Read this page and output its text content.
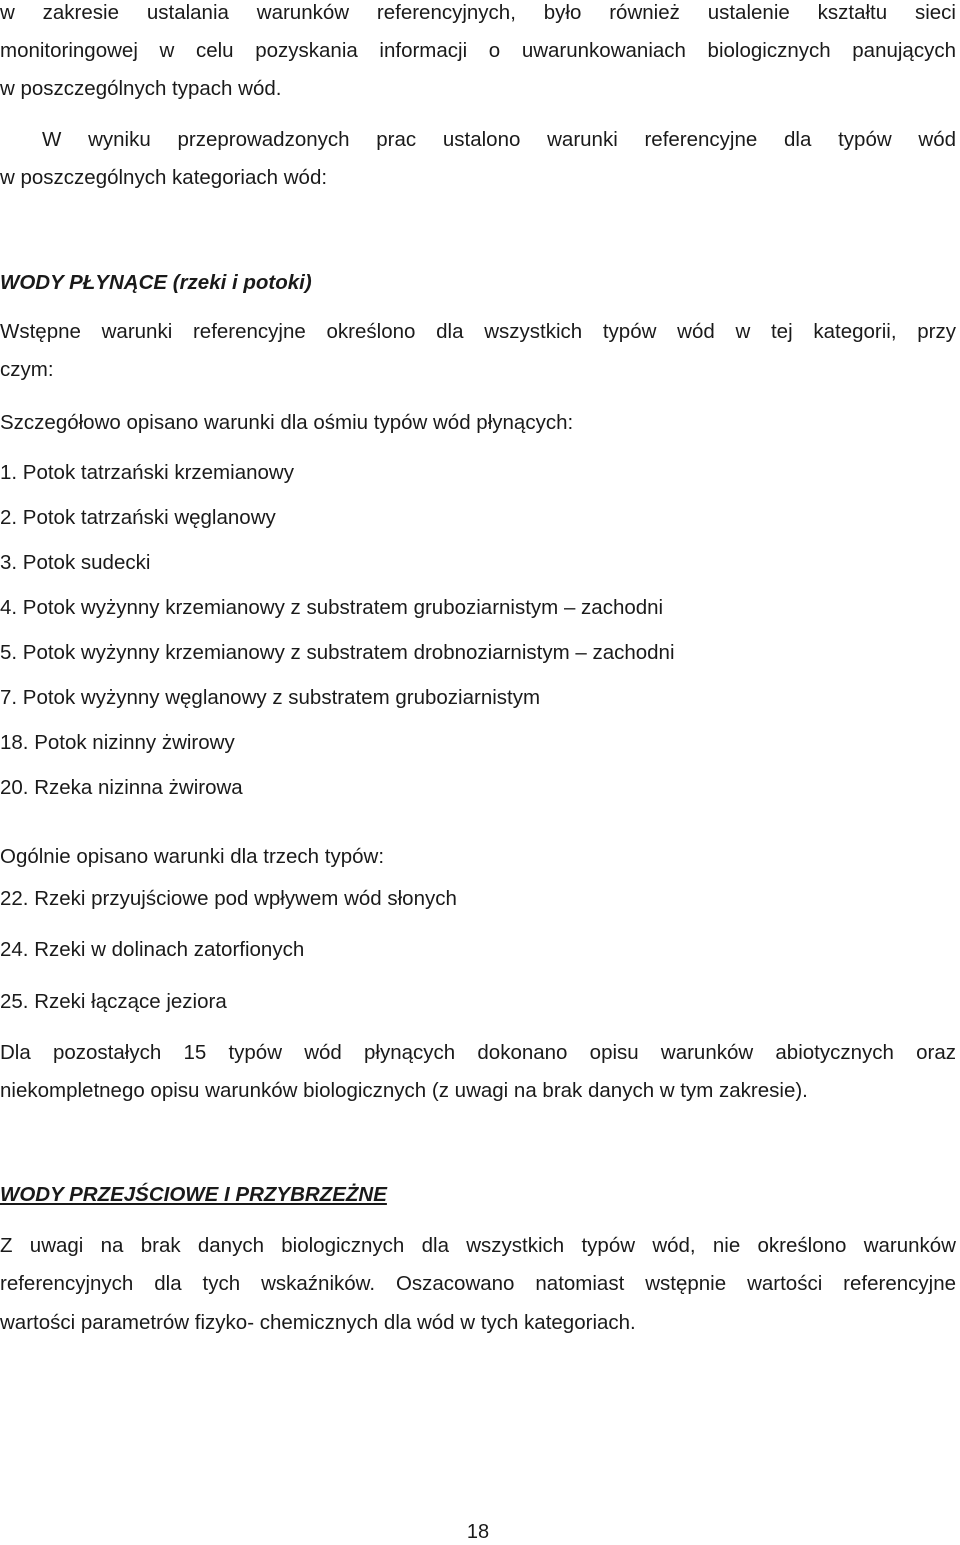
w zakresie ustalania warunków referencyjnych, było również ustalenie kształtu sieci
monitoringowej w celu pozyskania informacji o uwarunkowaniach biologicznych panujących
w poszczególnych typach wód.
W wyniku przeprowadzonych prac ustalono warunki referencyjne dla typów wód
w poszczególnych kategoriach wód:
WODY PŁYNĄCE (rzeki i potoki)
Wstępne warunki referencyjne określono dla wszystkich typów wód w tej kategorii, przy
czym:
Szczegółowo opisano warunki dla ośmiu typów wód płynących:
1. Potok tatrzański krzemianowy
2. Potok tatrzański węglanowy
3. Potok sudecki
4. Potok wyżynny krzemianowy z substratem gruboziarnistym – zachodni
5. Potok wyżynny krzemianowy z substratem drobnoziarnistym – zachodni
7. Potok wyżynny węglanowy z substratem gruboziarnistym
18. Potok nizinny żwirowy
20. Rzeka nizinna żwirowa
Ogólnie opisano warunki dla trzech typów:
22. Rzeki przyujściowe pod wpływem wód słonych
24. Rzeki w dolinach zatorfionych
25. Rzeki łączące jeziora
Dla pozostałych 15 typów wód płynących dokonano opisu warunków abiotycznych oraz
niekompletnego opisu warunków biologicznych (z uwagi na brak danych w tym zakresie).
WODY PRZEJŚCIOWE I PRZYBRZEŻNE
Z uwagi na brak danych biologicznych dla wszystkich typów wód, nie określono warunków
referencyjnych dla tych wskaźników. Oszacowano natomiast wstępnie wartości referencyjne
wartości parametrów fizyko- chemicznych dla wód w tych kategoriach.
18
